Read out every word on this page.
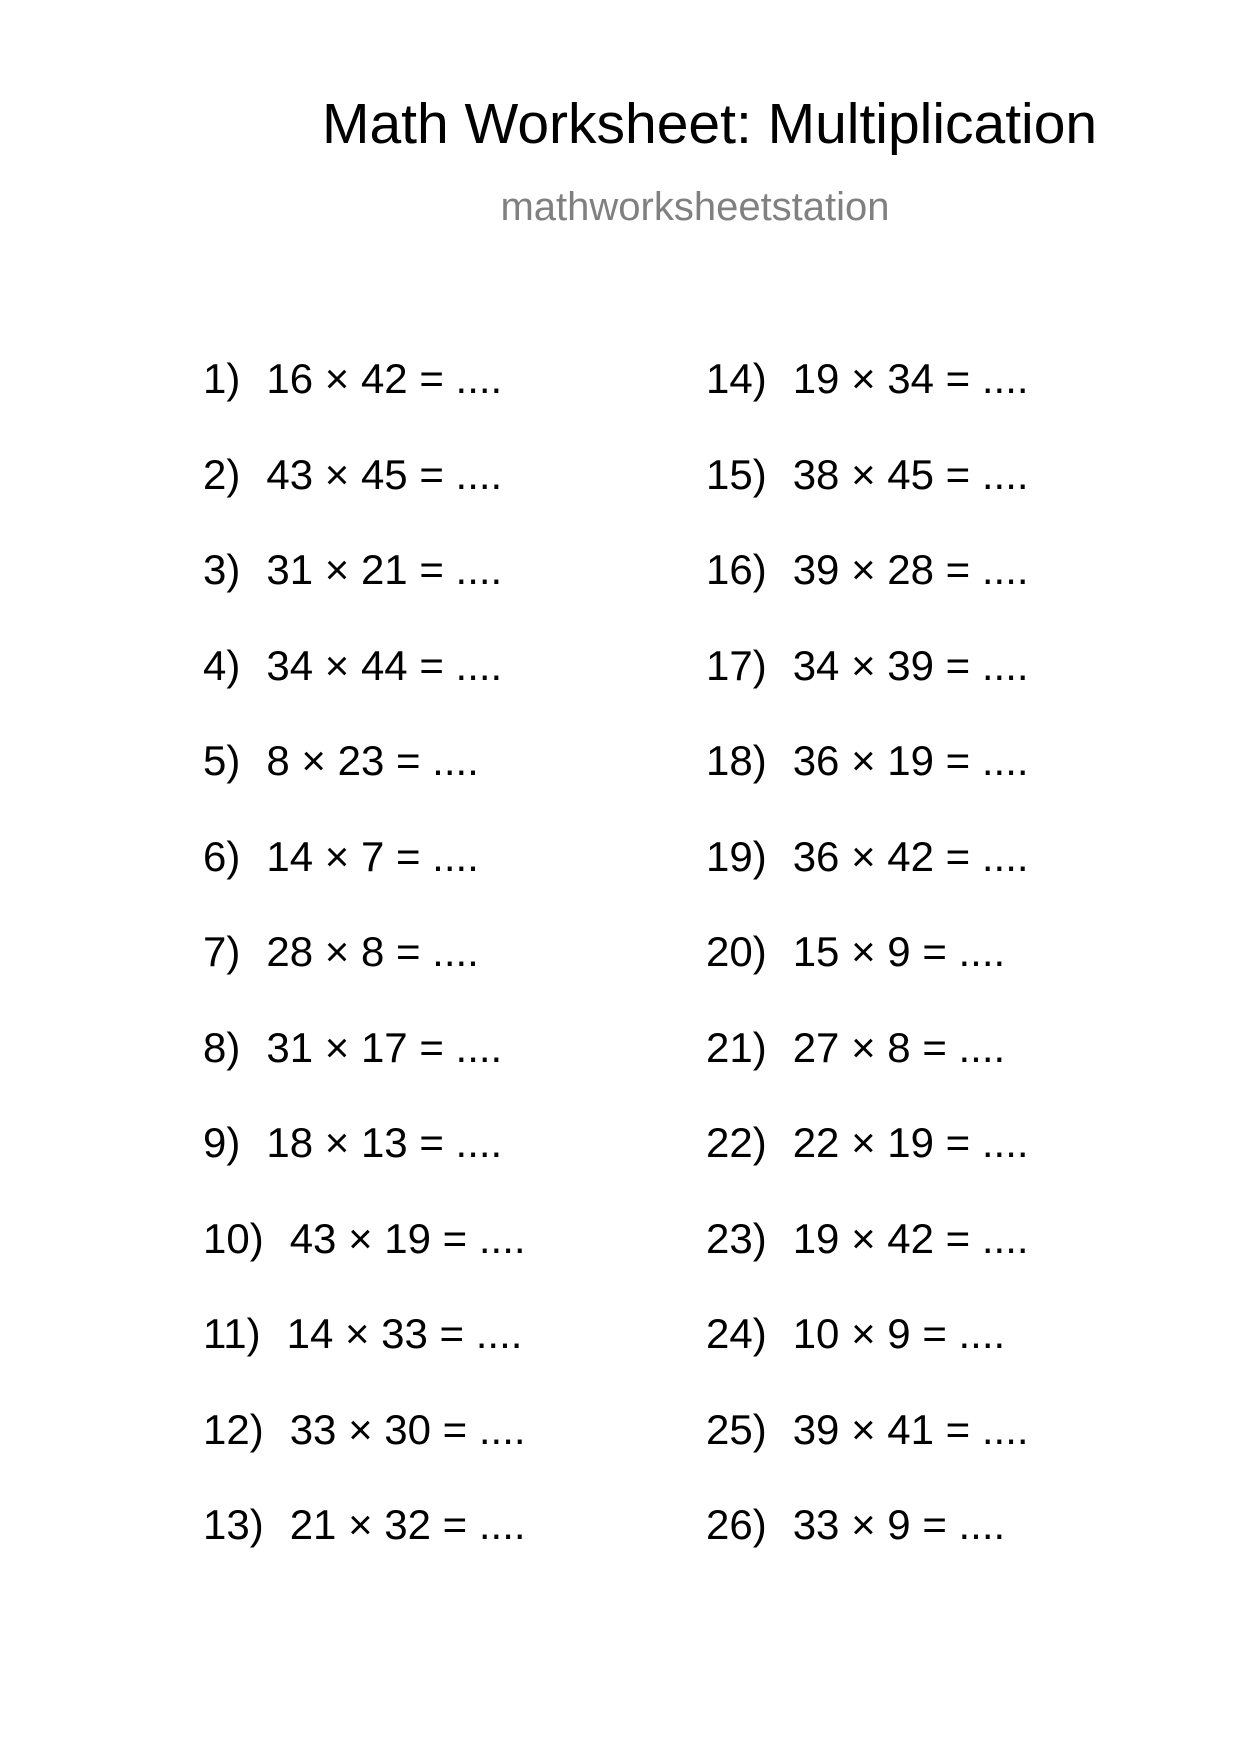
Math Worksheet: Multiplication
mathworksheetstation
1) 16 × 42 = ....
2) 43 × 45 = ....
3) 31 × 21 = ....
4) 34 × 44 = ....
5) 8 × 23 = ....
6) 14 × 7 = ....
7) 28 × 8 = ....
8) 31 × 17 = ....
9) 18 × 13 = ....
10) 43 × 19 = ....
11) 14 × 33 = ....
12) 33 × 30 = ....
13) 21 × 32 = ....
14) 19 × 34 = ....
15) 38 × 45 = ....
16) 39 × 28 = ....
17) 34 × 39 = ....
18) 36 × 19 = ....
19) 36 × 42 = ....
20) 15 × 9 = ....
21) 27 × 8 = ....
22) 22 × 19 = ....
23) 19 × 42 = ....
24) 10 × 9 = ....
25) 39 × 41 = ....
26) 33 × 9 = ....
